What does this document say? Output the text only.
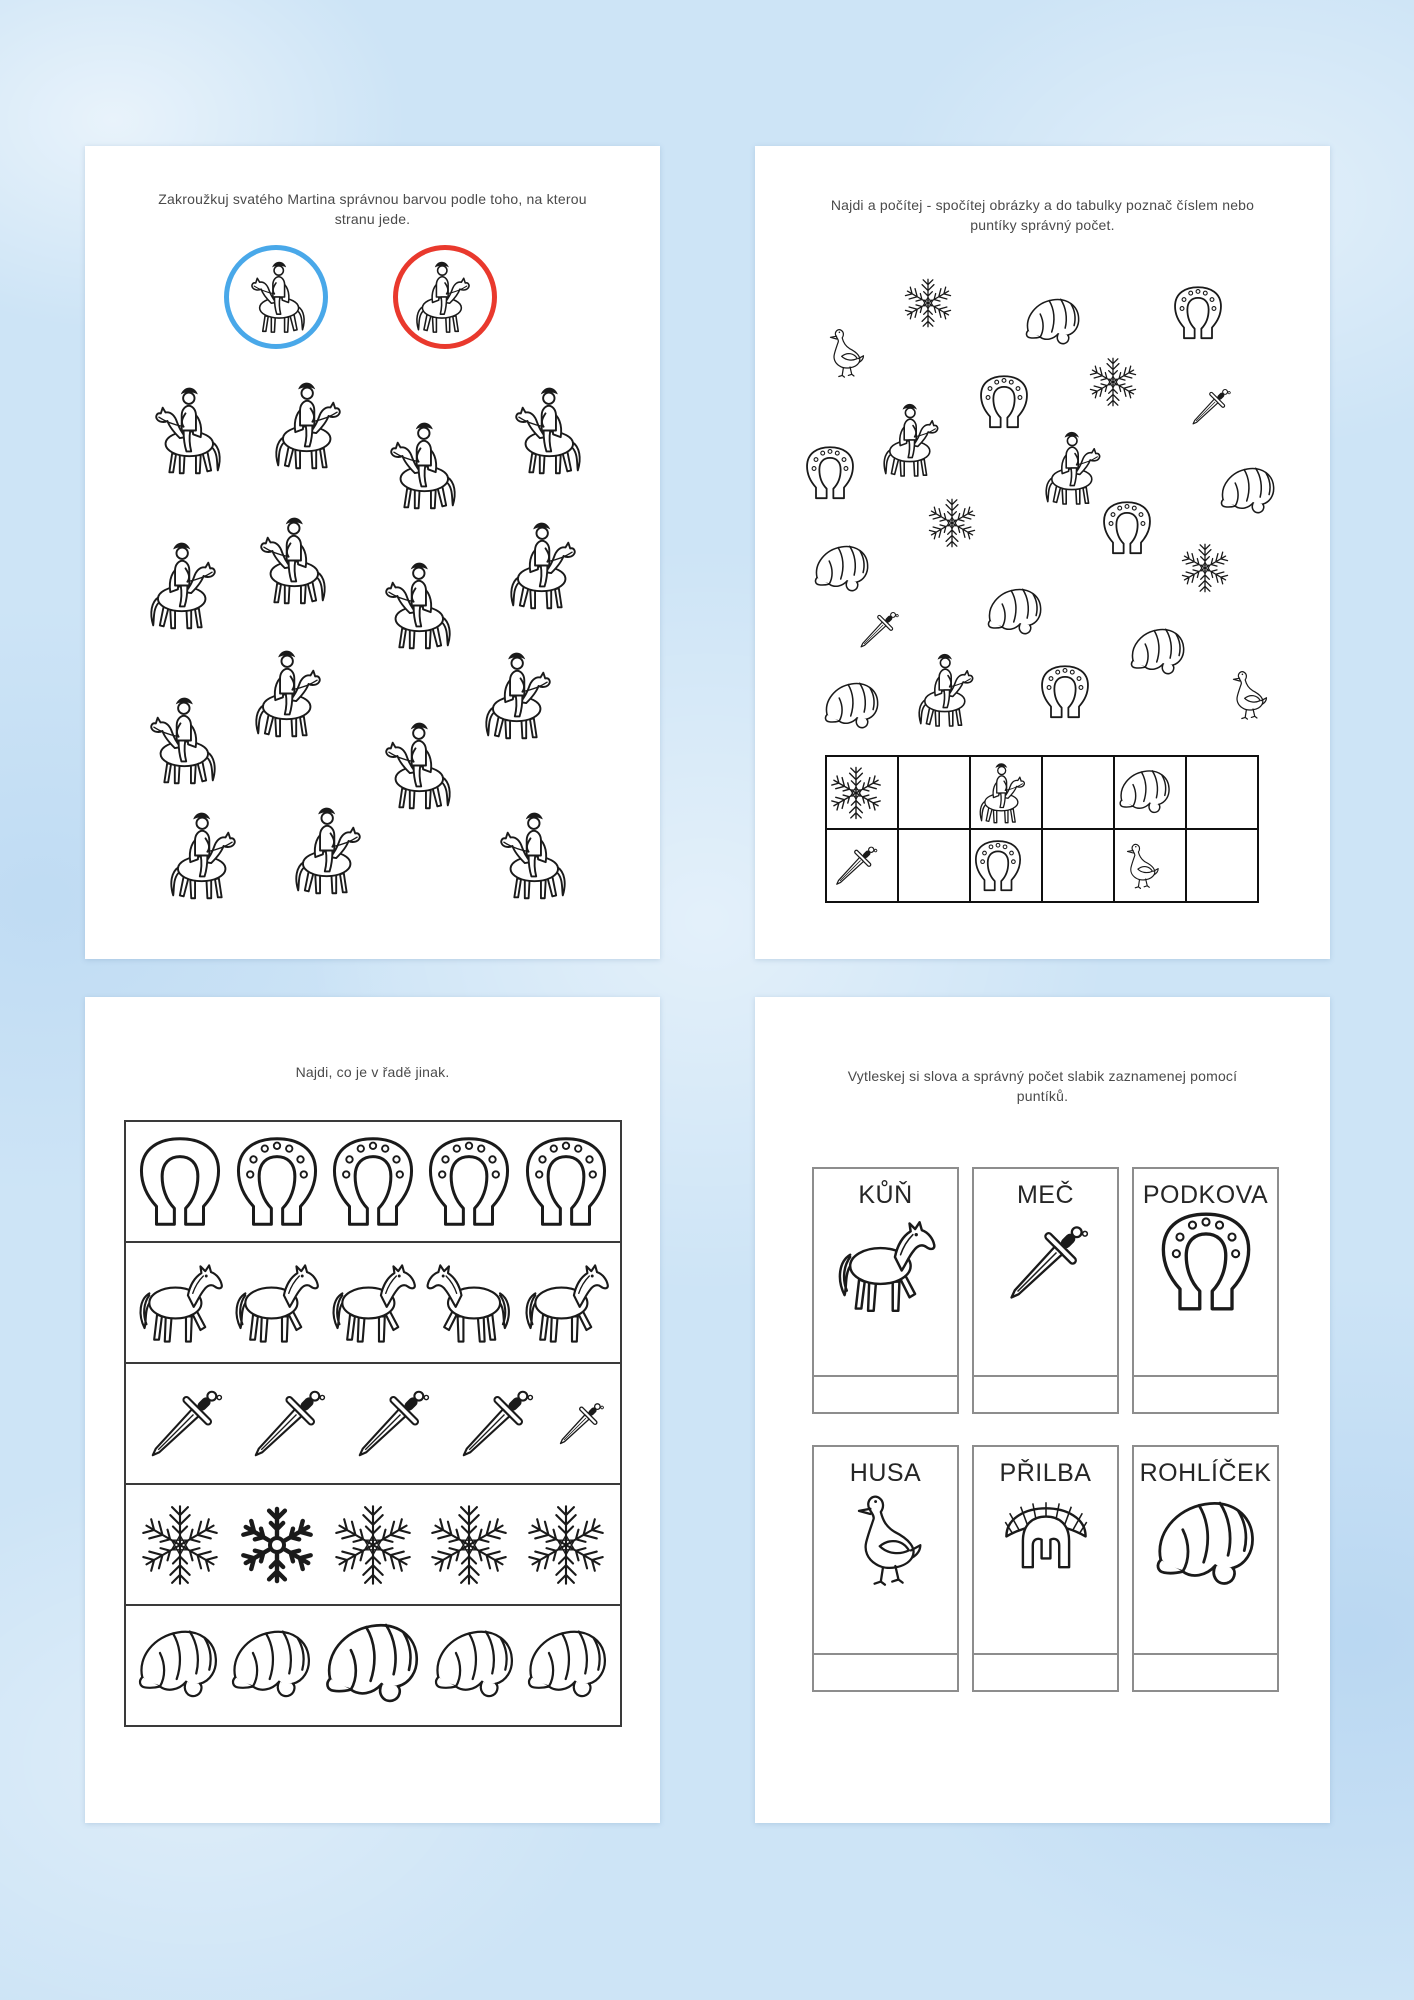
Zakroužkuj svatého Martina správnou barvou podle toho, na kterou stranu jede.
Najdi a počítej - spočítej obrázky a do tabulky poznač číslem nebo puntíky správný počet.

Najdi, co je v řadě jinak.	Vytleskej si slova a správný počet slabik zaznamenej pomocí puntíků.
KŮŇ	MEČ	PODKOVA
HUSA	PŘILBA ROHLÍČEK
